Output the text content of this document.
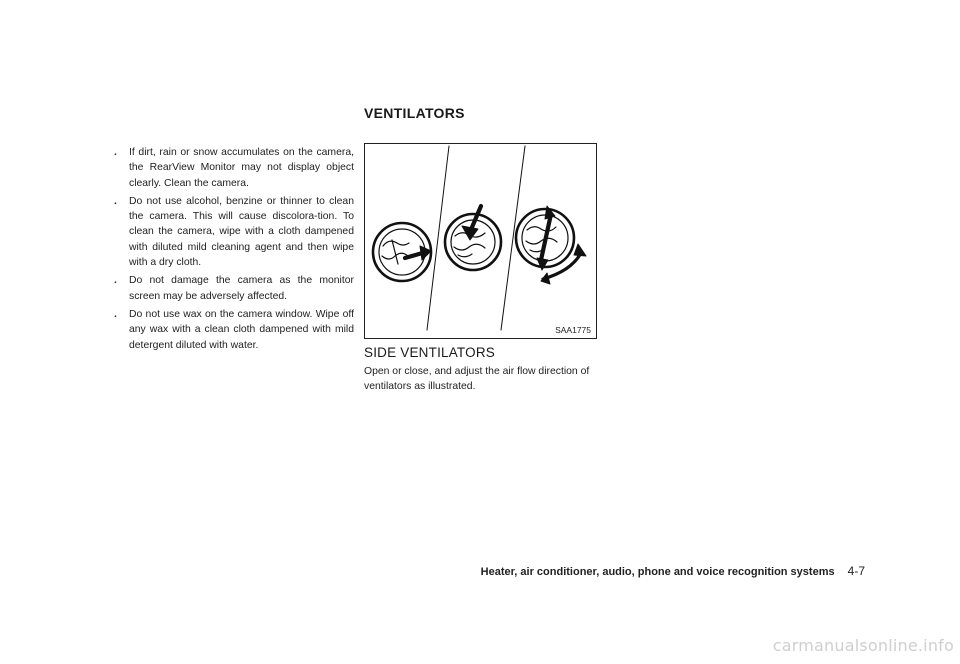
. If dirt, rain or snow accumulates on the camera, the RearView Monitor may not display object clearly. Clean the camera.
. Do not use alcohol, benzine or thinner to clean the camera. This will cause discolora-tion. To clean the camera, wipe with a cloth dampened with diluted mild cleaning agent and then wipe with a dry cloth.
. Do not damage the camera as the monitor screen may be adversely affected.
. Do not use wax on the camera window. Wipe off any wax with a clean cloth dampened with mild detergent diluted with water.
VENTILATORS
SAA1775
SIDE VENTILATORS

Open or close, and adjust the air flow direction of ventilators as illustrated.

Heater, air conditioner, audio, phone and voice recognition systems 4-7
carmanualsonline.info
